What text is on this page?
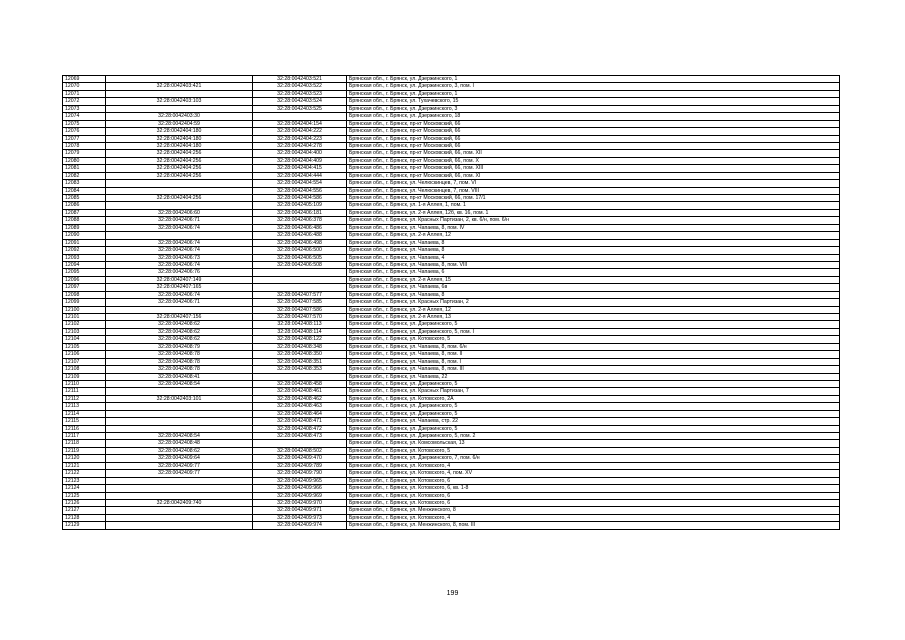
12069		32:28:0042403:521	Брянская обл., г. Брянск, ул. Дзержинского, 1
12070	32:28:0042403:421	32:28:0042403:522	Брянская обл., г. Брянск, ул. Дзержинского, 3, пом. I
12071		32:28:0042403:523	Брянская обл., г. Брянск, ул. Дзержинского, 1
12072	32:28:0042403:103	32:28:0042403:524	Брянская обл., г. Брянск, ул. Тухачевского, 15
12073		32:28:0042403:525	Брянская обл., г. Брянск, ул. Дзержинского, 3
12074	32:28:0042403:30		Брянская обл., г. Брянск, ул. Дзержинского, 18
12075	32:28:0042404:59	32:28:0042404:154	Брянская обл., г. Брянск, пр-кт Московский, 66
12076	32:28:0042404:180	32:28:0042404:222	Брянская обл., г. Брянск, пр-кт Московский, 66
12077	32:28:0042404:180	32:28:0042404:223	Брянская обл., г. Брянск, пр-кт Московский, 66
12078	32:28:0042404:180	32:28:0042404:278	Брянская обл., г. Брянск, пр-кт Московский, 66
12079	32:28:0042404:256	32:28:0042404:400	Брянская обл., г. Брянск, пр-кт Московский, 66, пом. XII
12080	32:28:0042404:256	32:28:0042404:409	Брянская обл., г. Брянск, пр-кт Московский, 66, пом. X
12081	32:28:0042404:256	32:28:0042404:415	Брянская обл., г. Брянск, пр-кт Московский, 66, пом. XIII
12082	32:28:0042404:256	32:28:0042404:444	Брянская обл., г. Брянск, пр-кт Московский, 66, пом. XI
12083		32:28:0042404:554	Брянская обл., г. Брянск, ул. Челюскинцев, 7, пом. VI
12084		32:28:0042404:556	Брянская обл., г. Брянск, ул. Челюскинцев, 7, пом. VIII
12085	32:28:0042404:256	32:28:0042404:586	Брянская обл., г. Брянск, пр-кт Московский, 66, пом. 17/1
12086		32:28:0042405:109	Брянская обл., г. Брянск, ул. 1-я Аллея, 1, пом. 1
12087	32:28:0042406:60	32:28:0042406:181	Брянская обл., г. Брянск, ул. 2-я Аллея, 12б, кв. 16, пом. 1
12088	32:28:0042406:71	32:28:0042406:378	Брянская обл., г. Брянск, ул. Красных Партизан, 2, кв. 6/н, пом. 6/н
12089	32:28:0042406:74	32:28:0042406:486	Брянская обл., г. Брянск, ул. Чапаева, 8, пом. IV
12090		32:28:0042406:488	Брянская обл., г. Брянск, ул. 2-я Аллея, 12
12091	32:28:0042406:74	32:28:0042406:498	Брянская обл., г. Брянск, ул. Чапаева, 8
12092	32:28:0042406:74	32:28:0042406:500	Брянская обл., г. Брянск, ул. Чапаева, 8
12093	32:28:0042406:73	32:28:0042406:505	Брянская обл., г. Брянск, ул. Чапаева, 4
12094	32:28:0042406:74	32:28:0042406:508	Брянская обл., г. Брянск, ул. Чапаева, 8, пом. VIII
12095	32:28:0042406:76		Брянская обл., г. Брянск, ул. Чапаева, 6
12096	32:28:0042407:149		Брянская обл., г. Брянск, ул. 2-я Аллея, 15
12097	32:28:0042407:165		Брянская обл., г. Брянск, ул. Чапаева, 6в
12098	32:28:0042406:74	32:28:0042407:577	Брянская обл., г. Брянск, ул. Чапаева, 8
12099	32:28:0042406:71	32:28:0042407:585	Брянская обл., г. Брянск, ул. Красных Партизан, 2
12100		32:28:0042407:586	Брянская обл., г. Брянск, ул. 2-я Аллея, 12
12101	32:28:0042407:156	32:28:0042407:570	Брянская обл., г. Брянск, ул. 2-я Аллея, 13
12102	32:28:0042408:62	32:28:0042408:113	Брянская обл., г. Брянск, ул. Дзержинского, 5
12103	32:28:0042408:62	32:28:0042408:114	Брянская обл., г. Брянск, ул. Дзержинского, 5, пом. I
12104	32:28:0042408:62	32:28:0042408:122	Брянская обл., г. Брянск, ул. Котовского, 5
12105	32:28:0042408:79	32:28:0042408:348	Брянская обл., г. Брянск, ул. Чапаева, 8, пом. 6/н
12106	32:28:0042408:78	32:28:0042408:350	Брянская обл., г. Брянск, ул. Чапаева, 8, пом. II
12107	32:28:0042408:78	32:28:0042408:351	Брянская обл., г. Брянск, ул. Чапаева, 8, пом. I
12108	32:28:0042408:78	32:28:0042408:353	Брянская обл., г. Брянск, ул. Чапаева, 8, пом. III
12109	32:28:0042408:41		Брянская обл., г. Брянск, ул. Чапаева, 22
12110	32:28:0042408:54	32:28:0042408:458	Брянская обл., г. Брянск, ул. Дзержинского, 5
12111		32:28:0042408:461	Брянская обл., г. Брянск, ул. Красных Партизан, 7
12112	32:28:0042403:101	32:28:0042408:462	Брянская обл., г. Брянск, ул. Котовского, 2А
12113		32:28:0042408:463	Брянская обл., г. Брянск, ул. Дзержинского, 5
12114		32:28:0042408:464	Брянская обл., г. Брянск, ул. Дзержинского, 5
12115		32:28:0042408:471	Брянская обл., г. Брянск, ул. Чапаева, стр. 22
12116		32:28:0042408:472	Брянская обл., г. Брянск, ул. Дзержинского, 5
12117	32:28:0042408:54	32:28:0042408:473	Брянская обл., г. Брянск, ул. Дзержинского, 5, пом. 2
12118	32:28:0042408:48		Брянская обл., г. Брянск, ул. Комсомольская, 13
12119	32:28:0042408:62	32:28:0042408:502	Брянская обл., г. Брянск, ул. Котовского, 5
12120	32:28:0042409:64	32:28:0042409:470	Брянская обл., г. Брянск, ул. Дзержинского, 7, пом. 6/н
12121	32:28:0042409:77	32:28:0042409:789	Брянская обл., г. Брянск, ул. Котовского, 4
12122	32:28:0042409:77	32:28:0042409:790	Брянская обл., г. Брянск, ул. Котовского, 4, пом. XV
12123		32:28:0042409:965	Брянская обл., г. Брянск, ул. Котовского, 6
12124		32:28:0042409:966	Брянская обл., г. Брянск, ул. Котовского, 6, кв. 1-8
12125		32:28:0042409:969	Брянская обл., г. Брянск, ул. Котовского, 6
12126	32:28:0042409:740	32:28:0042409:970	Брянская обл., г. Брянск, ул. Котовского, 6
12127		32:28:0042409:971	Брянская обл., г. Брянск, ул. Менжинского, 8
12128		32:28:0042409:973	Брянская обл., г. Брянск, ул. Котовского, 4
12129		32:28:0042409:974	Брянская обл., г. Брянск, ул. Менжинского, 8, пом. III
199
